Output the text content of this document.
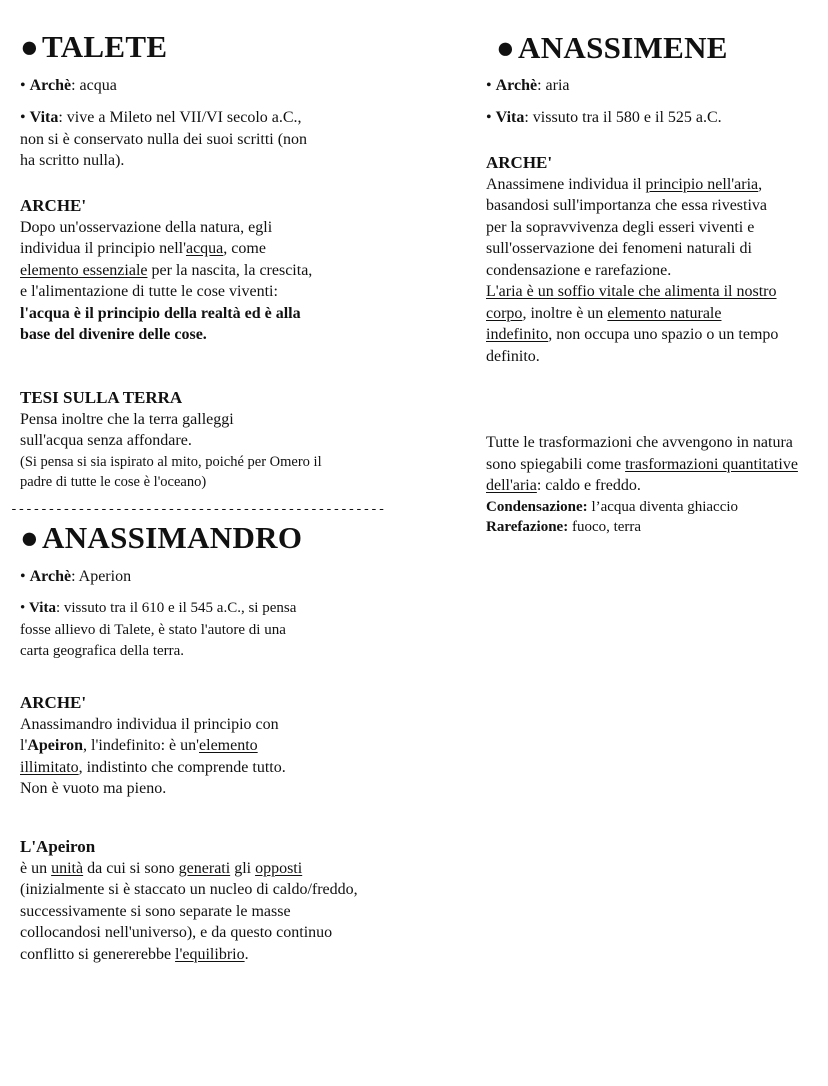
●TALETE
• Archè: acqua
• Vita: vive a Mileto nel VII/VI secolo a.C., non si è conservato nulla dei suoi scritti (non ha scritto nulla).
ARCHE'
Dopo un'osservazione della natura, egli individua il principio nell'acqua, come elemento essenziale per la nascita, la crescita, e l'alimentazione di tutte le cose viventi: l'acqua è il principio della realtà ed è alla base del divenire delle cose.
TESI SULLA TERRA
Pensa inoltre che la terra galleggi sull'acqua senza affondare.
(Si pensa si sia ispirato al mito, poiché per Omero il padre di tutte le cose è l'oceano)
--------------------------------------------------
●ANASSIMANDRO
• Archè: Aperion
• Vita: vissuto tra il 610 e il 545 a.C., si pensa fosse allievo di Talete, è stato l'autore di una carta geografica della terra.
ARCHE'
Anassimandro individua il principio con l'Apeiron, l'indefinito: è un'elemento illimitato, indistinto che comprende tutto. Non è vuoto ma pieno.
L'Apeiron
è un unità da cui si sono generati gli opposti (inizialmente si è staccato un nucleo di caldo/freddo, successivamente si sono separate le masse collocandosi nell'universo), e da questo continuo conflitto si genererebbe l'equilibrio.
●ANASSIMENE
• Archè: aria
• Vita: vissuto tra il 580 e il 525 a.C.
ARCHE'
Anassimene individua il principio nell'aria, basandosi sull'importanza che essa rivestiva per la sopravvivenza degli esseri viventi e sull'osservazione dei fenomeni naturali di condensazione e rarefazione.
L'aria è un soffio vitale che alimenta il nostro corpo, inoltre è un elemento naturale indefinito, non occupa uno spazio o un tempo definito.
Tutte le trasformazioni che avvengono in natura sono spiegabili come trasformazioni quantitative dell'aria: caldo e freddo.
Condensazione: l’acqua diventa ghiaccio
Rarefazione: fuoco, terra
